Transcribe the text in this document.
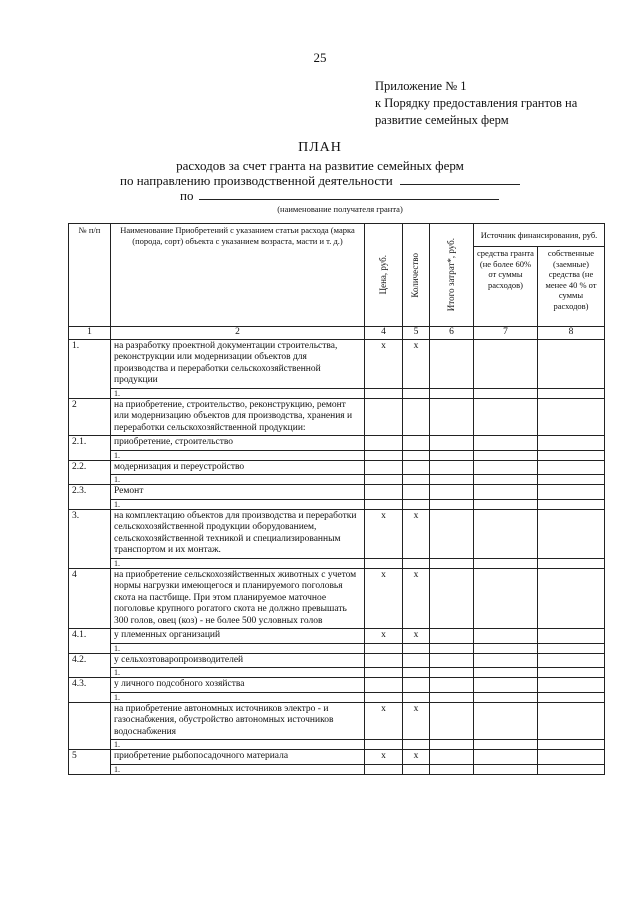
25
Приложение № 1
к Порядку предоставления грантов на
развитие семейных ферм
ПЛАН
расходов за счет гранта на развитие семейных ферм
по направлению производственной деятельности
по
(наименование получателя гранта)
№ п/п	Наименование Приобретений с указанием статьи расхода (марка (порода, сорт) объекта с указанием возраста, масти и т. д.)	Цена, руб.	Количество	Итого затрат*, руб.	Источник финансирования, руб.	
					средства гранта (не более 60% от суммы расходов)	собственные (заемные) средства (не менее 40 % от суммы расходов)
1	2	4	5	6	7	8
1.	на разработку проектной документации строительства, реконструкции или модернизации объектов для производства и переработки сельскохозяйственной продукции	х	х			
	1.					
2	на приобретение, строительство, реконструкцию, ремонт или модернизацию объектов для производства, хранения и переработки сельскохозяйственной продукции:					
2.1.	приобретение, строительство					
	1.					
2.2.	модернизация и переустройство					
	1.					
2.3.	Ремонт					
	1.					
3.	на комплектацию объектов для производства и переработки сельскохозяйственной продукции оборудованием, сельскохозяйственной техникой и специализированным транспортом и их монтаж.	х	х			
	1.					
4	на приобретение сельскохозяйственных животных с учетом нормы нагрузки имеющегося и планируемого поголовья скота на пастбище. При этом планируемое маточное поголовье крупного рогатого скота не должно превышать 300 голов, овец (коз) - не более 500 условных голов	х	х			
4.1.	у племенных организаций	х	х			
	1.					
4.2.	у сельхозтоваропроизводителей					
	1.					
4.3.	у личного подсобного хозяйства					
	1.					
	на приобретение автономных источников электро - и газоснабжения, обустройство автономных источников водоснабжения	х	х			
	1.					
5	приобретение рыбопосадочного материала	х	х			
	1.					
